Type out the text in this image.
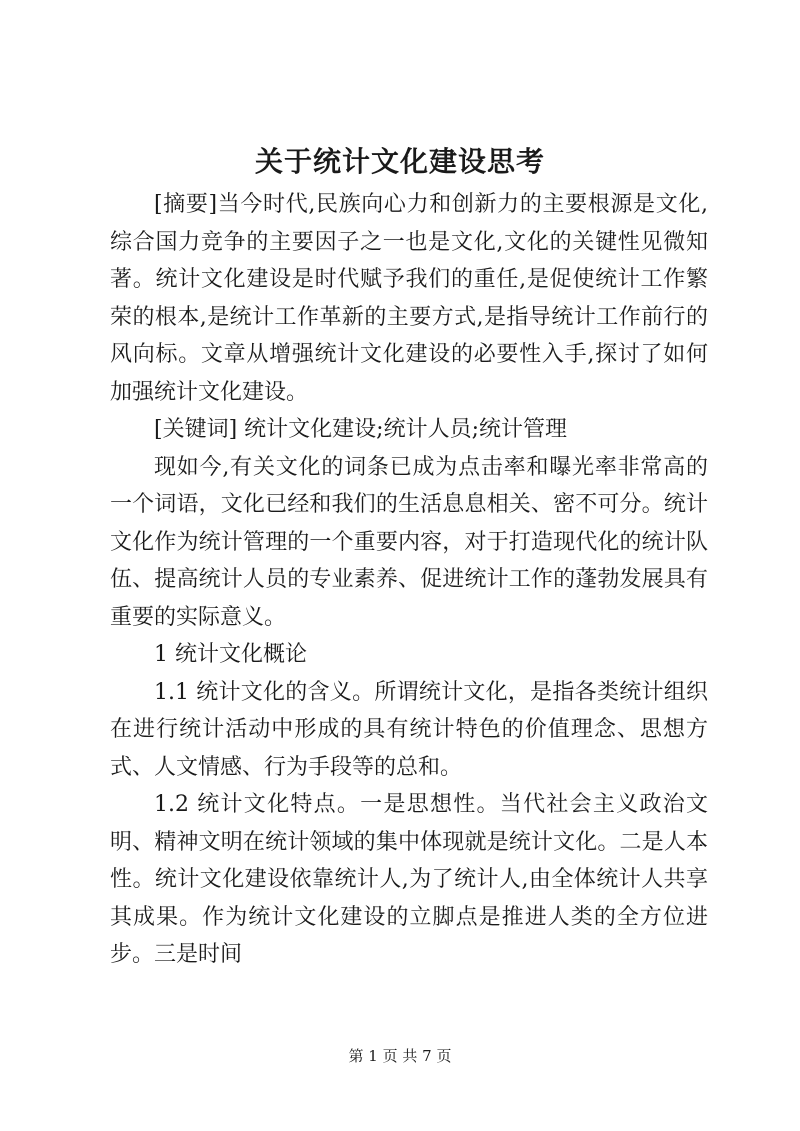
关于统计文化建设思考

[摘要]当今时代,民族向心力和创新力的主要根源是文化,综合国力竞争的主要因子之一也是文化,文化的关键性见微知著。统计文化建设是时代赋予我们的重任,是促使统计工作繁荣的根本,是统计工作革新的主要方式,是指导统计工作前行的风向标。文章从增强统计文化建设的必要性入手,探讨了如何加强统计文化建设。

[关键词] 统计文化建设;统计人员;统计管理

现如今,有关文化的词条已成为点击率和曝光率非常高的一个词语，文化已经和我们的生活息息相关、密不可分。统计文化作为统计管理的一个重要内容，对于打造现代化的统计队伍、提高统计人员的专业素养、促进统计工作的蓬勃发展具有重要的实际意义。

1 统计文化概论

1.1 统计文化的含义。所谓统计文化，是指各类统计组织在进行统计活动中形成的具有统计特色的价值理念、思想方式、人文情感、行为手段等的总和。

1.2 统计文化特点。一是思想性。当代社会主义政治文明、精神文明在统计领域的集中体现就是统计文化。二是人本性。统计文化建设依靠统计人,为了统计人,由全体统计人共享其成果。作为统计文化建设的立脚点是推进人类的全方位进步。三是时间

第 1 页 共 7 页
